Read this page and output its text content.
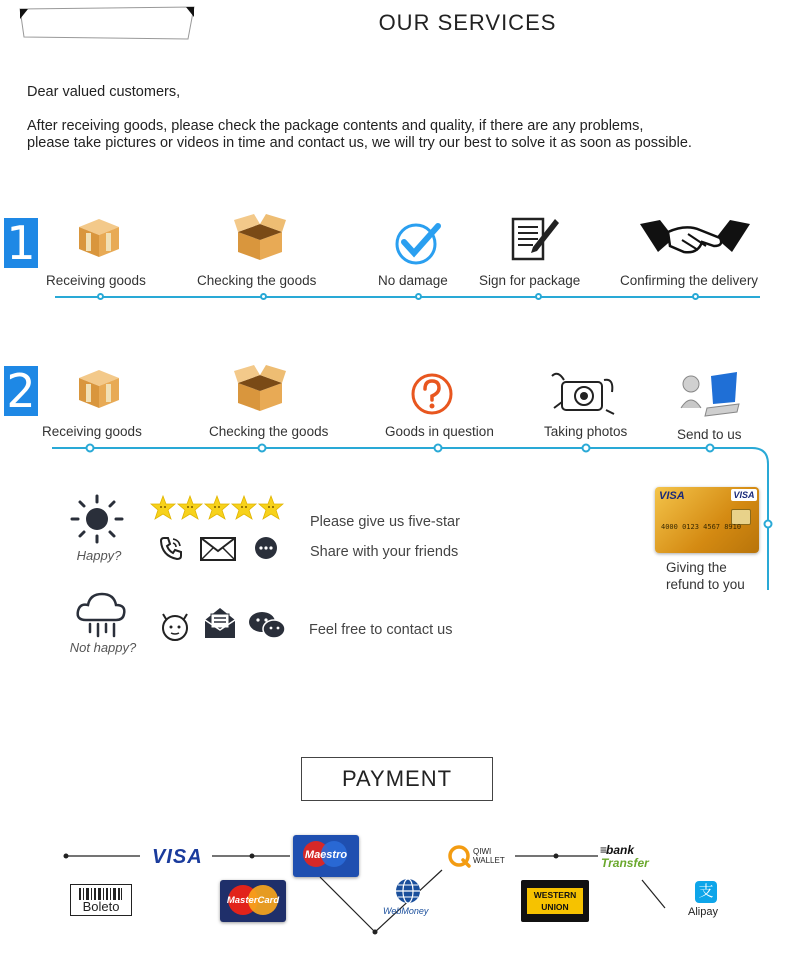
OUR SERVICES
Dear valued customers,
After receiving goods, please check the package contents and quality, if there are any problems,
please take pictures or videos in time and contact us, we will try our best to solve it as soon as possible.
1
Receiving goods	Checking the goods	No damage Sign for package	Confirming the delivery
2
Receiving goods	Checking the goods	Goods in question	Taking photos	Send to us
VISA	VISA
4000 0123 4567 8910
Giving the
refund to you
Happy?
Please give us five-star
Share with your friends
Not happy?
Feel free to contact us
PAYMENT
VISA	Maestro
MasterCard
Boleto	WebMoney
QIWI
WALLET
WESTERN
UNION
≡bank
Transfer
支
Alipay
